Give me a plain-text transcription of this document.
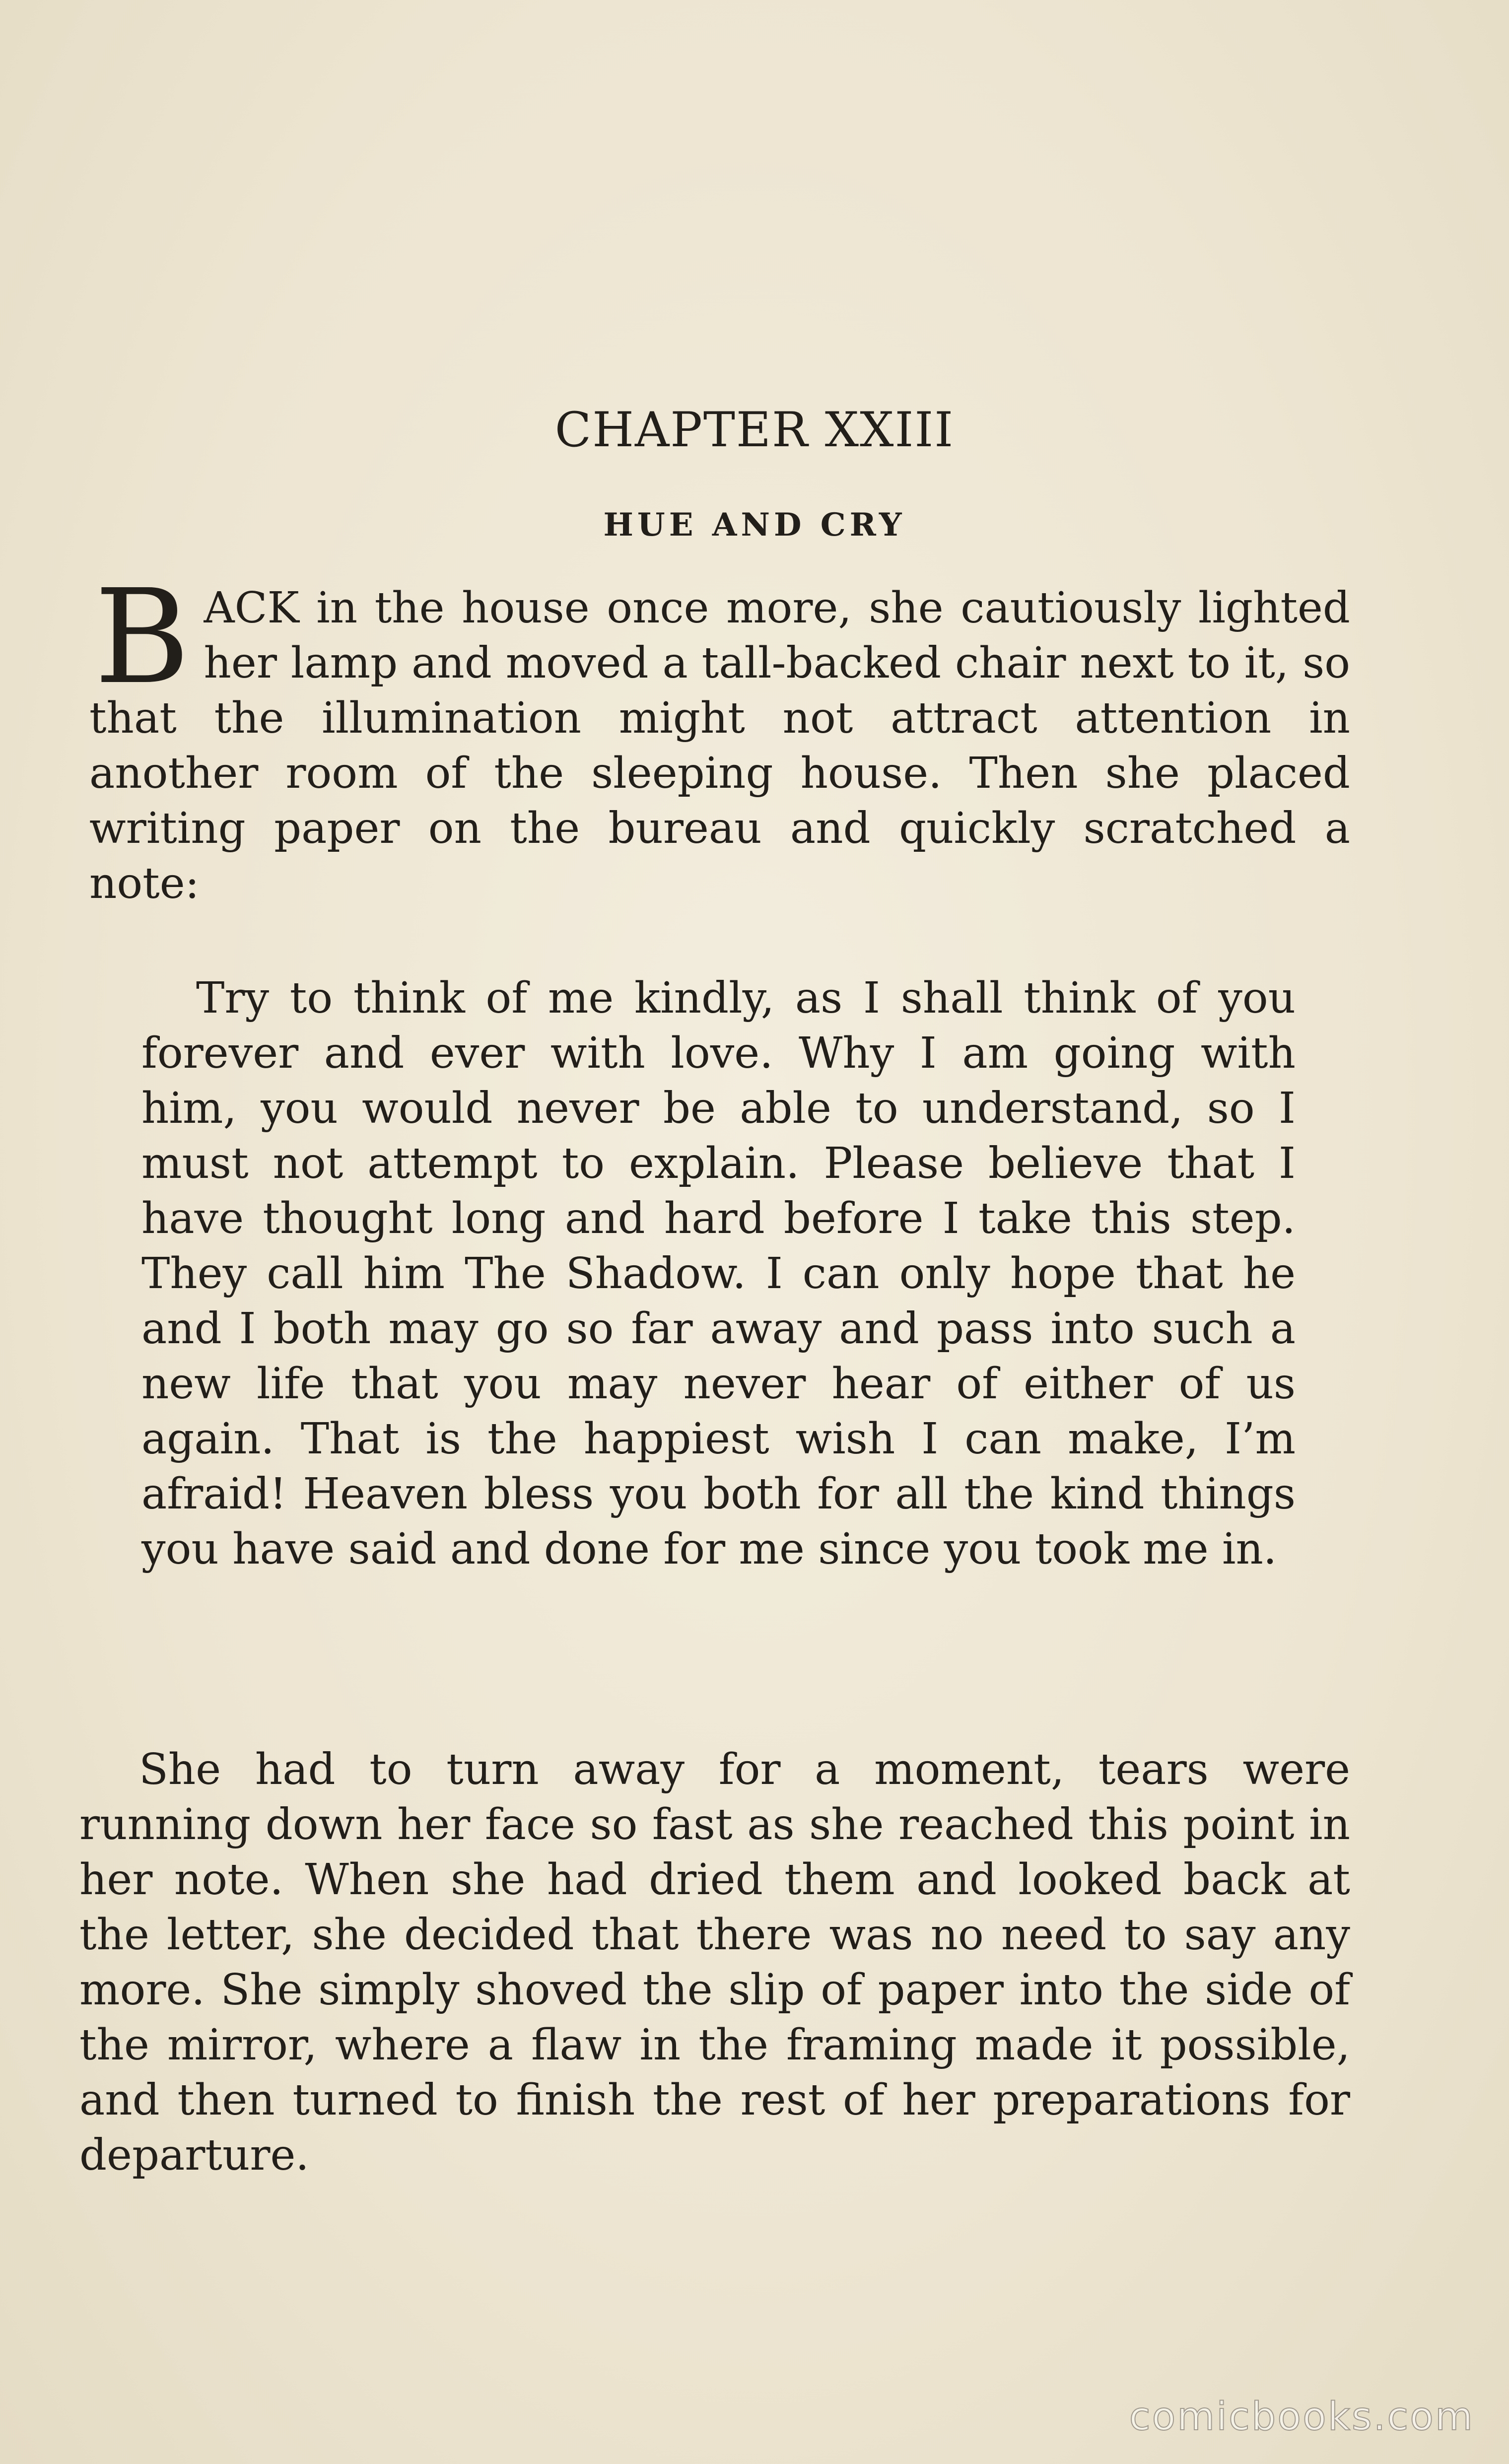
CHAPTER XXIII
HUE AND CRY
B ACK in the house once more, she cautiously lighted her lamp and moved a tall-backed chair next to it, so that the illumination might not attract attention in another room of the sleeping house. Then she placed writing paper on the bureau and quickly scratched a note:
Try to think of me kindly, as I shall think of you forever and ever with love. Why I am going with him, you would never be able to understand, so I must not attempt to explain. Please believe that I have thought long and hard before I take this step. They call him The Shadow. I can only hope that he and I both may go so far away and pass into such a new life that you may never hear of either of us again. That is the happiest wish I can make, I’m afraid! Heaven bless you both for all the kind things you have said and done for me since you took me in.
She had to turn away for a moment, tears were running down her face so fast as she reached this point in her note. When she had dried them and looked back at the letter, she decided that there was no need to say any more. She simply shoved the slip of paper into the side of the mirror, where a flaw in the framing made it possible, and then turned to finish the rest of her preparations for departure.
comicbooks.com
